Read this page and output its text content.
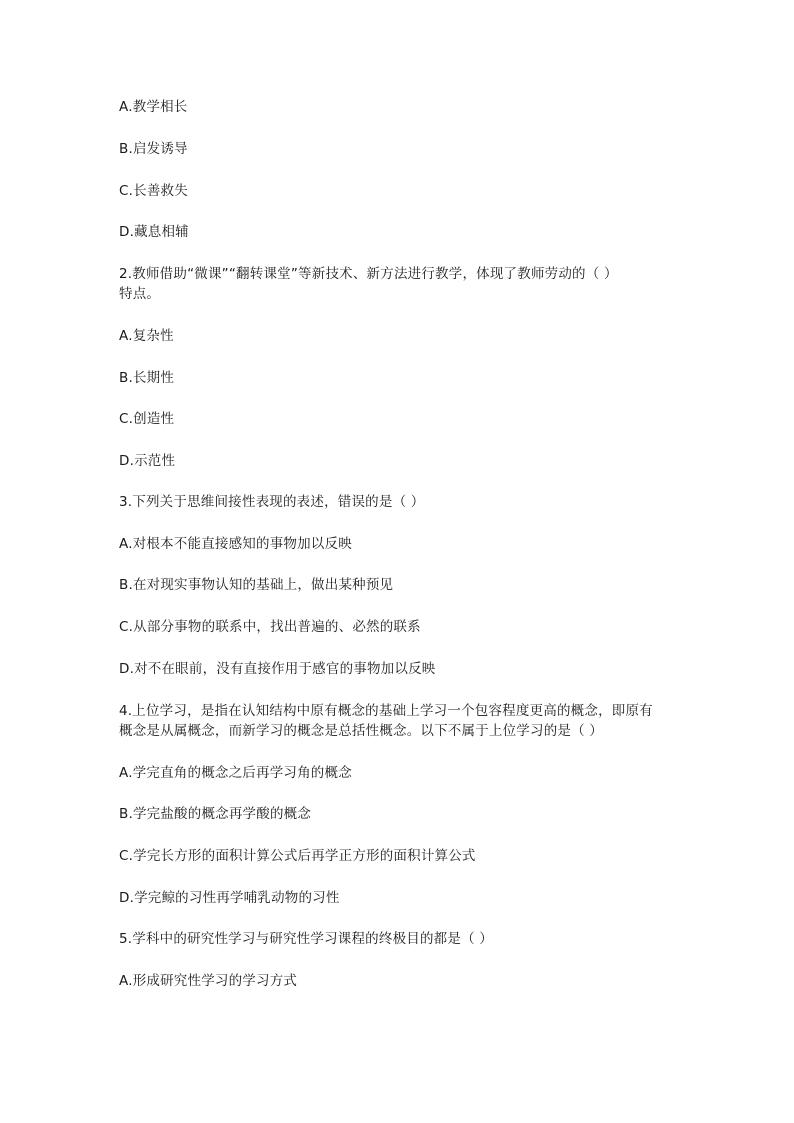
A.教学相长
B.启发诱导
C.长善救失
D.藏息相辅
2.教师借助“微课”“翻转课堂”等新技术、新方法进行教学，体现了教师劳动的（ ）
特点。
A.复杂性
B.长期性
C.创造性
D.示范性
3.下列关于思维间接性表现的表述，错误的是（ ）
A.对根本不能直接感知的事物加以反映
B.在对现实事物认知的基础上，做出某种预见
C.从部分事物的联系中，找出普遍的、必然的联系
D.对不在眼前，没有直接作用于感官的事物加以反映
4.上位学习，是指在认知结构中原有概念的基础上学习一个包容程度更高的概念，即原有
概念是从属概念，而新学习的概念是总括性概念。以下不属于上位学习的是（ ）
A.学完直角的概念之后再学习角的概念
B.学完盐酸的概念再学酸的概念
C.学完长方形的面积计算公式后再学正方形的面积计算公式
D.学完鲸的习性再学哺乳动物的习性
5.学科中的研究性学习与研究性学习课程的终极目的都是（ ）
A.形成研究性学习的学习方式
